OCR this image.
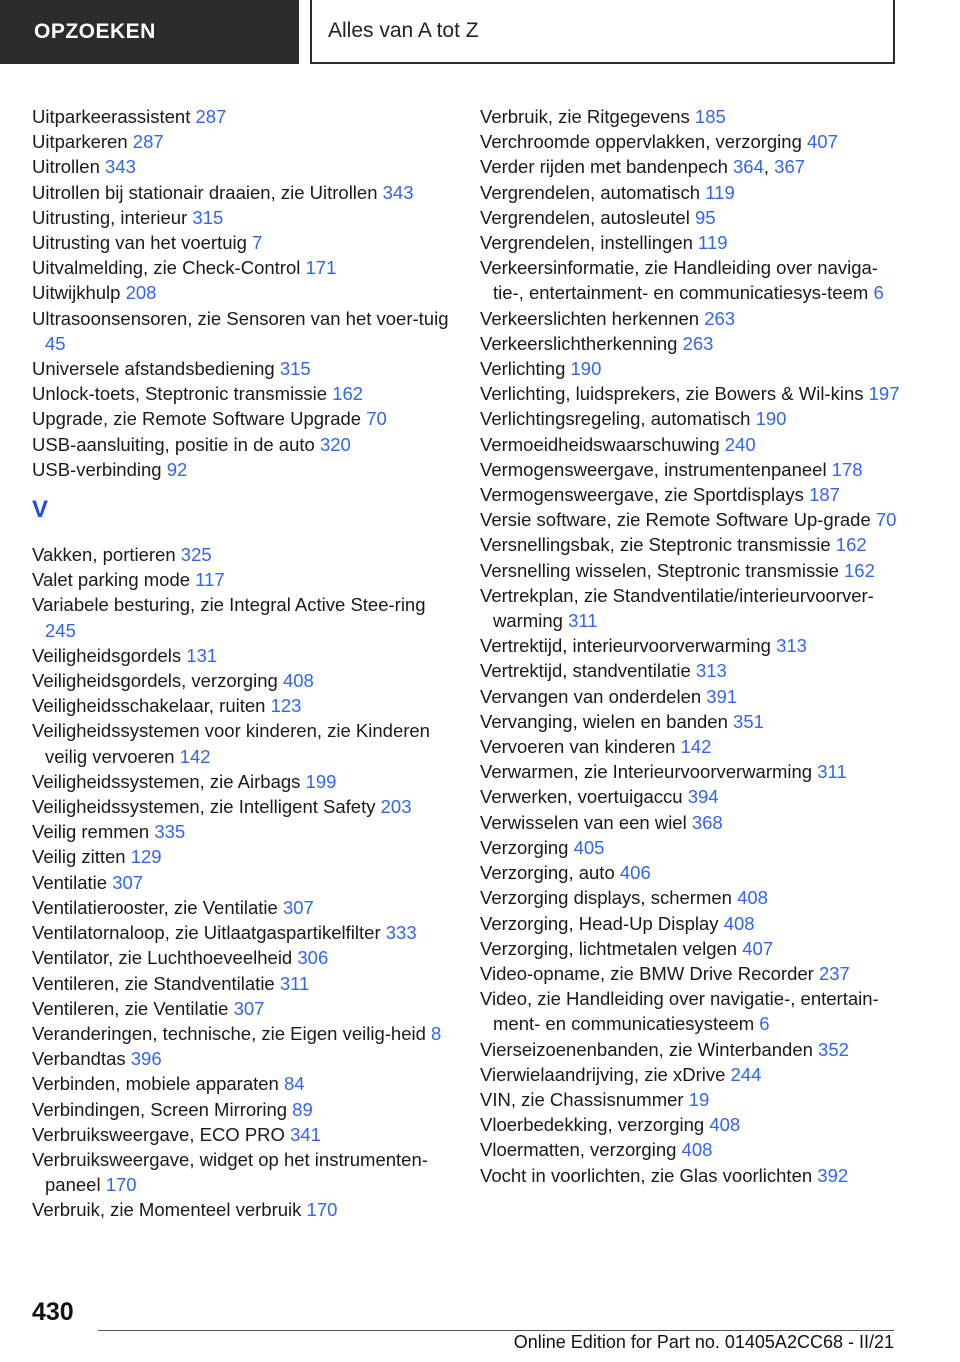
OPZOEKEN	Alles van A tot Z
Uitparkeerassistent 287
Uitparkeren 287
Uitrollen 343
Uitrollen bij stationair draaien, zie Uitrollen 343
Uitrusting, interieur 315
Uitrusting van het voertuig 7
Uitvalmelding, zie Check-Control 171
Uitwijkhulp 208
Ultrasoonsensoren, zie Sensoren van het voer-tuig 45
Universele afstandsbediening 315
Unlock-toets, Steptronic transmissie 162
Upgrade, zie Remote Software Upgrade 70
USB-aansluiting, positie in de auto 320
USB-verbinding 92
V
Vakken, portieren 325
Valet parking mode 117
Variabele besturing, zie Integral Active Stee-ring 245
Veiligheidsgordels 131
Veiligheidsgordels, verzorging 408
Veiligheidsschakelaar, ruiten 123
Veiligheidssystemen voor kinderen, zie Kinderen veilig vervoeren 142
Veiligheidssystemen, zie Airbags 199
Veiligheidssystemen, zie Intelligent Safety 203
Veilig remmen 335
Veilig zitten 129
Ventilatie 307
Ventilatierooster, zie Ventilatie 307
Ventilatornaloop, zie Uitlaatgaspartikelfilter 333
Ventilator, zie Luchthoeveelheid 306
Ventileren, zie Standventilatie 311
Ventileren, zie Ventilatie 307
Veranderingen, technische, zie Eigen veilig-heid 8
Verbandtas 396
Verbinden, mobiele apparaten 84
Verbindingen, Screen Mirroring 89
Verbruiksweergave, ECO PRO 341
Verbruiksweergave, widget op het instrumenten-paneel 170
Verbruik, zie Momenteel verbruik 170
Verbruik, zie Ritgegevens 185
Verchroomde oppervlakken, verzorging 407
Verder rijden met bandenpech 364, 367
Vergrendelen, automatisch 119
Vergrendelen, autosleutel 95
Vergrendelen, instellingen 119
Verkeersinformatie, zie Handleiding over naviga-tie-, entertainment- en communicatiesys-teem 6
Verkeerslichten herkennen 263
Verkeerslichtherkenning 263
Verlichting 190
Verlichting, luidsprekers, zie Bowers & Wil-kins 197
Verlichtingsregeling, automatisch 190
Vermoeidheidswaarschuwing 240
Vermogensweergave, instrumentenpaneel 178
Vermogensweergave, zie Sportdisplays 187
Versie software, zie Remote Software Up-grade 70
Versnellingsbak, zie Steptronic transmissie 162
Versnelling wisselen, Steptronic transmissie 162
Vertrekplan, zie Standventilatie/interieurvoorver-warming 311
Vertrektijd, interieurvoorverwarming 313
Vertrektijd, standventilatie 313
Vervangen van onderdelen 391
Vervanging, wielen en banden 351
Vervoeren van kinderen 142
Verwarmen, zie Interieurvoorverwarming 311
Verwerken, voertuigaccu 394
Verwisselen van een wiel 368
Verzorging 405
Verzorging, auto 406
Verzorging displays, schermen 408
Verzorging, Head-Up Display 408
Verzorging, lichtmetalen velgen 407
Video-opname, zie BMW Drive Recorder 237
Video, zie Handleiding over navigatie-, entertain-ment- en communicatiesysteem 6
Vierseizoenenbanden, zie Winterbanden 352
Vierwielaandrijving, zie xDrive 244
VIN, zie Chassisnummer 19
Vloerbedekking, verzorging 408
Vloermatten, verzorging 408
Vocht in voorlichten, zie Glas voorlichten 392
430
Online Edition for Part no. 01405A2CC68 - II/21
